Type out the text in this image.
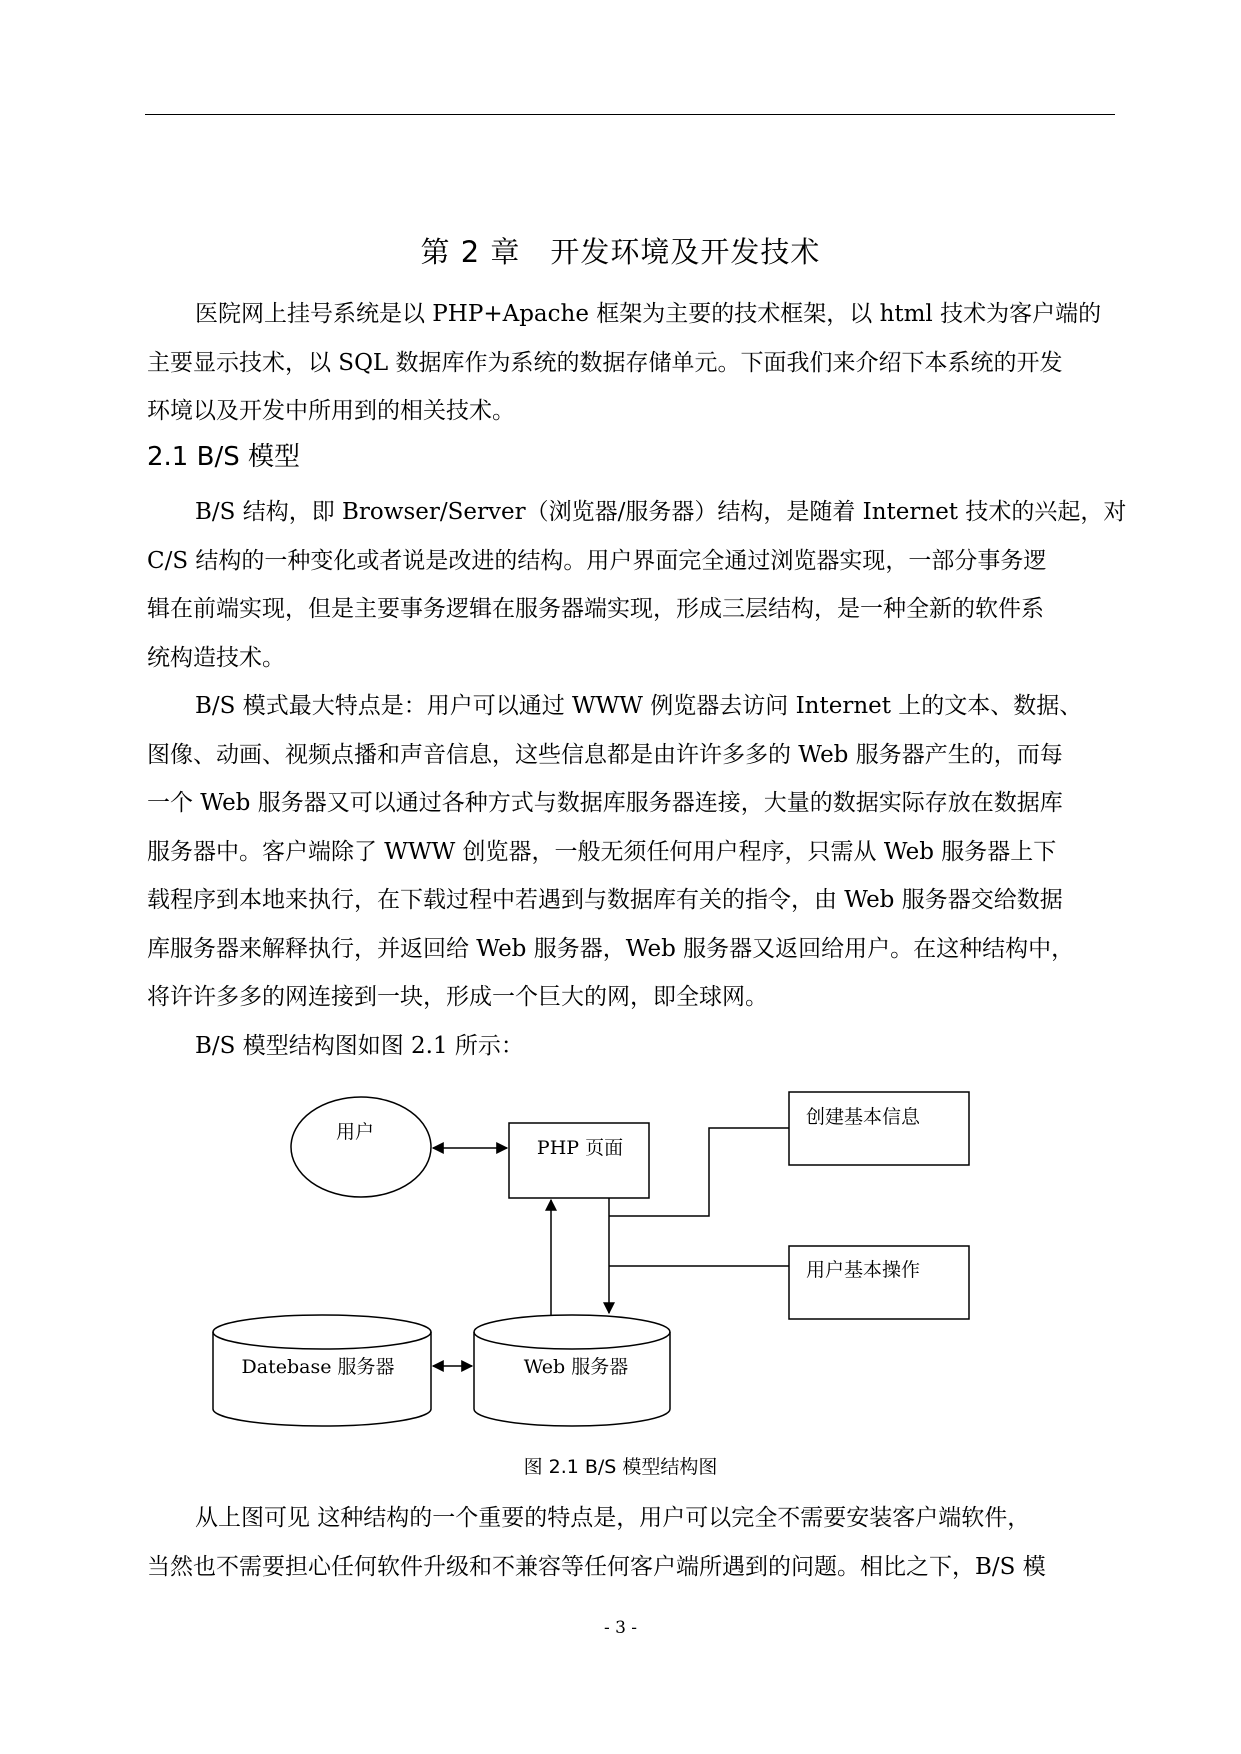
第 2 章　开发环境及开发技术
医院网上挂号系统是以 PHP+Apache 框架为主要的技术框架，以 html 技术为客户端的
主要显示技术，以 SQL 数据库作为系统的数据存储单元。下面我们来介绍下本系统的开发
环境以及开发中所用到的相关技术。
2.1 B/S 模型
B/S 结构，即 Browser/Server（浏览器/服务器）结构，是随着 Internet 技术的兴起，对
C/S 结构的一种变化或者说是改进的结构。用户界面完全通过浏览器实现，一部分事务逻
辑在前端实现，但是主要事务逻辑在服务器端实现，形成三层结构，是一种全新的软件系
统构造技术。
B/S 模式最大特点是：用户可以通过 WWW 例览器去访问 Internet 上的文本、数据、
图像、动画、视频点播和声音信息，这些信息都是由许许多多的 Web 服务器产生的，而每
一个 Web 服务器又可以通过各种方式与数据库服务器连接，大量的数据实际存放在数据库
服务器中。客户端除了 WWW 创览器，一般无须任何用户程序，只需从 Web 服务器上下
载程序到本地来执行，在下载过程中若遇到与数据库有关的指令，由 Web 服务器交给数据
库服务器来解释执行，并返回给 Web 服务器，Web 服务器又返回给用户。在这种结构中，
将许许多多的网连接到一块，形成一个巨大的网，即全球网。
B/S 模型结构图如图 2.1 所示：
用户
PHP 页面
创建基本信息
用户基本操作
Datebase 服务器	Web 服务器
图 2.1 B/S 模型结构图
从上图可见 这种结构的一个重要的特点是，用户可以完全不需要安装客户端软件，
当然也不需要担心任何软件升级和不兼容等任何客户端所遇到的问题。相比之下，B/S 模
- 3 -
